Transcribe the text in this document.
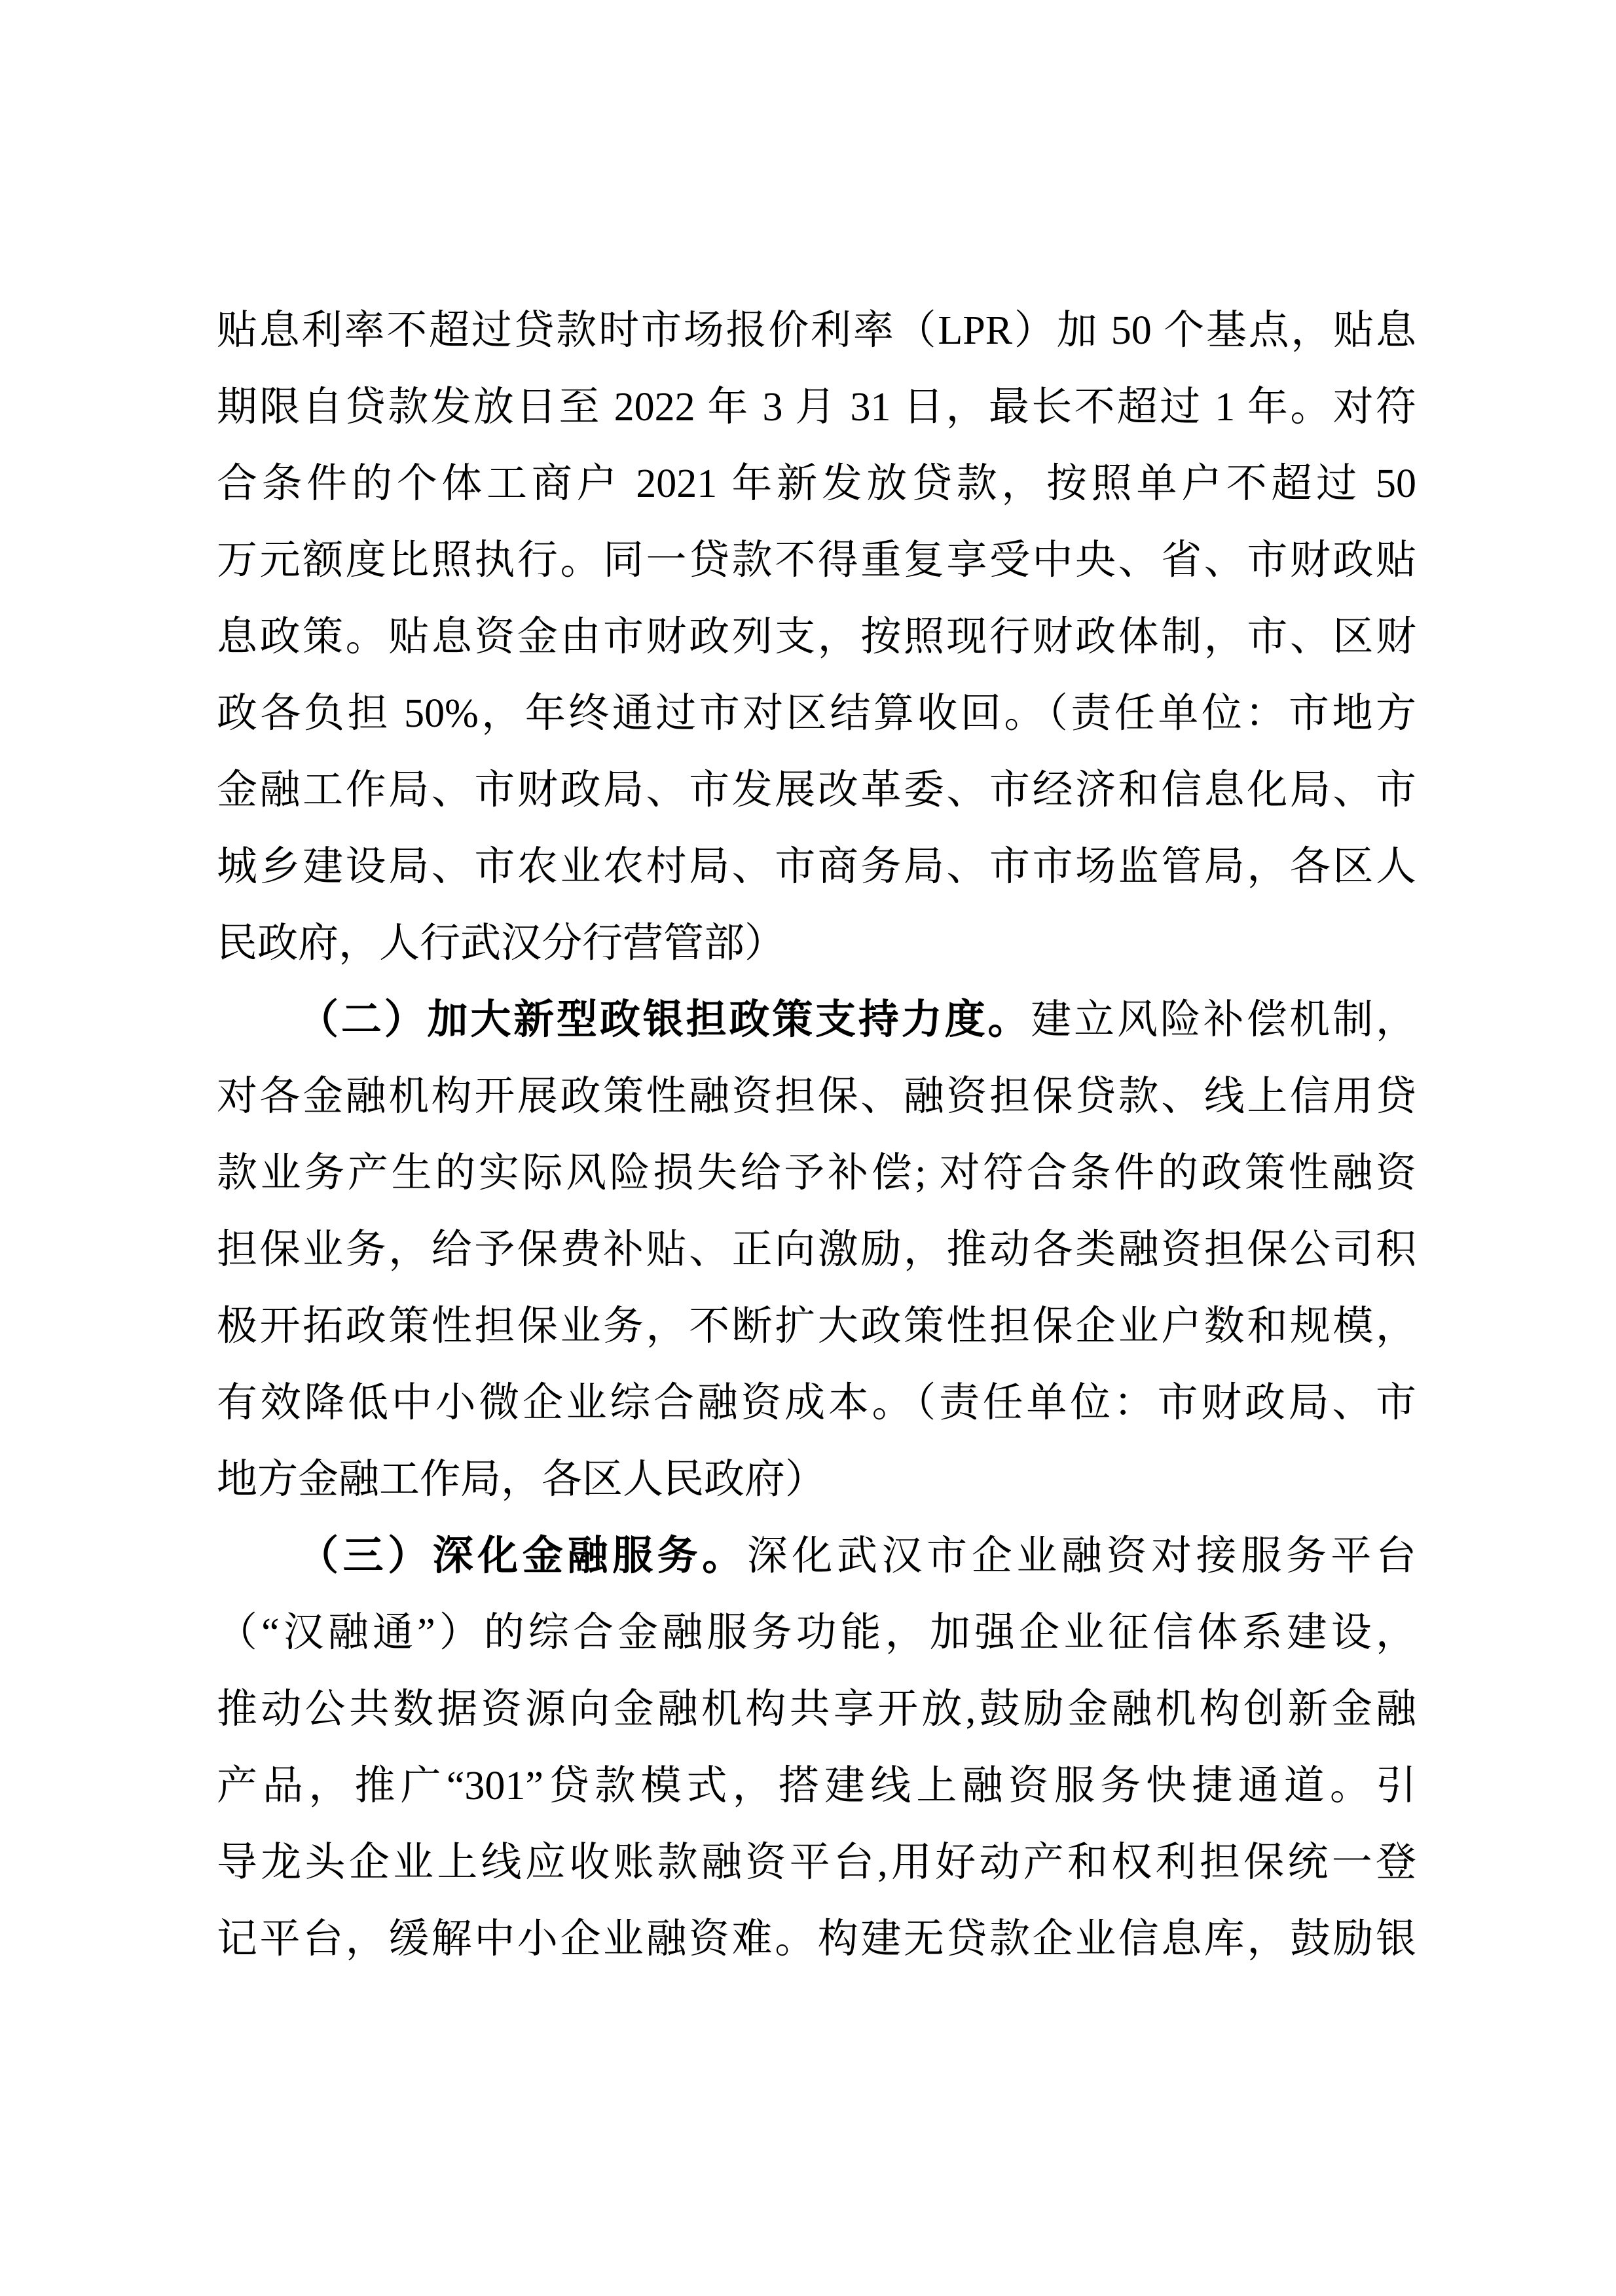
贴息利率不超过贷款时市场报价利率（LPR）加 50 个基点，贴息
期限自贷款发放日至 2022 年 3 月 31 日，最长不超过 1 年。对符
合条件的个体工商户 2021 年新发放贷款，按照单户不超过 50
万元额度比照执行。同一贷款不得重复享受中央、省、市财政贴
息政策。贴息资金由市财政列支，按照现行财政体制，市、区财
政各负担 50%，年终通过市对区结算收回。（责任单位：市地方
金融工作局、市财政局、市发展改革委、市经济和信息化局、市
城乡建设局、市农业农村局、市商务局、市市场监管局，各区人
民政府，人行武汉分行营管部）
（二）加大新型政银担政策支持力度。建立风险补偿机制，
对各金融机构开展政策性融资担保、融资担保贷款、线上信用贷
款业务产生的实际风险损失给予补偿; 对符合条件的政策性融资
担保业务，给予保费补贴、正向激励，推动各类融资担保公司积
极开拓政策性担保业务，不断扩大政策性担保企业户数和规模，
有效降低中小微企业综合融资成本。（责任单位：市财政局、市
地方金融工作局，各区人民政府）
（三）深化金融服务。深化武汉市企业融资对接服务平台
（“汉融通”）的综合金融服务功能，加强企业征信体系建设，
推动公共数据资源向金融机构共享开放,鼓励金融机构创新金融
产品，推广“301”贷款模式，搭建线上融资服务快捷通道。引
导龙头企业上线应收账款融资平台,用好动产和权利担保统一登
记平台，缓解中小企业融资难。构建无贷款企业信息库，鼓励银
